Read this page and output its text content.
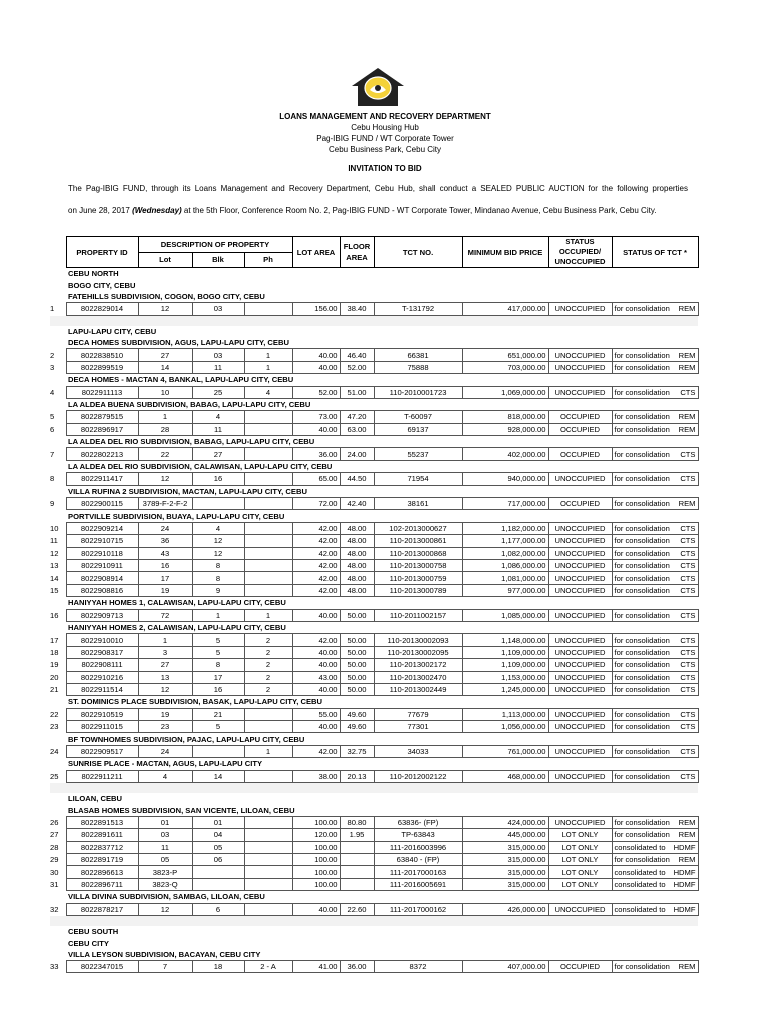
LOANS MANAGEMENT AND RECOVERY DEPARTMENT
Cebu Housing Hub
Pag-IBIG FUND / WT Corporate Tower
Cebu Business Park, Cebu City
INVITATION TO BID
The Pag-IBIG FUND, through its Loans Management and Recovery Department, Cebu Hub, shall conduct a SEALED PUBLIC AUCTION for the following properties
on June 28, 2017 (Wednesday) at the 5th Floor, Conference Room No. 2, Pag-IBIG FUND - WT Corporate Tower, Mindanao Avenue, Cebu Business Park, Cebu City.
	PROPERTY ID	DESCRIPTION OF PROPERTY			LOT AREA	FLOOR AREA	TCT NO.	MINIMUM BID PRICE	STATUS OCCUPIED/ UNOCCUPIED	STATUS OF TCT *
		Lot	Blk	Ph						
	CEBU NORTH									
	BOGO CITY, CEBU									
	FATEHILLS SUBDIVISION, COGON, BOGO CITY, CEBU									
1	8022829014	12	03		156.00	38.40	T-131792	417,000.00	UNOCCUPIED	for consolidation REM

	LAPU-LAPU CITY, CEBU									
	DECA HOMES SUBDIVISION, AGUS, LAPU-LAPU CITY, CEBU									
2	8022838510	27	03	1	40.00	46.40	66381	651,000.00	UNOCCUPIED	for consolidation REM

3	8022899519	14	11	1	40.00	52.00	75888	703,000.00	UNOCCUPIED	for consolidation REM

	DECA HOMES - MACTAN 4, BANKAL, LAPU-LAPU CITY, CEBU									
4	8022911113	10	25	4	52.00	51.00	110-2010001723	1,069,000.00	UNOCCUPIED	for consolidation CTS

	LA ALDEA BUENA SUBDIVISION, BABAG, LAPU-LAPU CITY, CEBU									
5	8022879515	1	4		73.00	47.20	T-60097	818,000.00	OCCUPIED	for consolidation REM

6	8022896917	28	11		40.00	63.00	69137	928,000.00	OCCUPIED	for consolidation REM

	LA ALDEA DEL RIO SUBDIVISION, BABAG, LAPU-LAPU CITY, CEBU									
7	8022802213	22	27		36.00	24.00	55237	402,000.00	OCCUPIED	for consolidation CTS

	LA ALDEA DEL RIO SUBDIVISION, CALAWISAN, LAPU-LAPU CITY, CEBU									
8	8022911417	12	16		65.00	44.50	71954	940,000.00	UNOCCUPIED	for consolidation CTS

	VILLA RUFINA 2 SUBDIVISION, MACTAN, LAPU-LAPU CITY, CEBU									
9	8022900115	3789-F-2-F-2			72.00	42.40	38161	717,000.00	OCCUPIED	for consolidation REM

	PORTVILLE SUBDIVISION, BUAYA, LAPU-LAPU CITY, CEBU									
10	8022909214	24	4		42.00	48.00	102-2013000627	1,182,000.00	UNOCCUPIED	for consolidation CTS

11	8022910715	36	12		42.00	48.00	110-2013000861	1,177,000.00	UNOCCUPIED	for consolidation CTS

12	8022910118	43	12		42.00	48.00	110-2013000868	1,082,000.00	UNOCCUPIED	for consolidation CTS

13	8022910911	16	8		42.00	48.00	110-2013000758	1,086,000.00	UNOCCUPIED	for consolidation CTS

14	8022908914	17	8		42.00	48.00	110-2013000759	1,081,000.00	UNOCCUPIED	for consolidation CTS

15	8022908816	19	9		42.00	48.00	110-2013000789	977,000.00	UNOCCUPIED	for consolidation CTS

	HANIYYAH HOMES 1, CALAWISAN, LAPU-LAPU CITY, CEBU									
16	8022909713	72	1	1	40.00	50.00	110-2011002157	1,085,000.00	UNOCCUPIED	for consolidation CTS

	HANIYYAH HOMES 2, CALAWISAN, LAPU-LAPU CITY, CEBU									
17	8022910010	1	5	2	42.00	50.00	110-20130002093	1,148,000.00	UNOCCUPIED	for consolidation CTS

18	8022908317	3	5	2	40.00	50.00	110-20130002095	1,109,000.00	UNOCCUPIED	for consolidation CTS

19	8022908111	27	8	2	40.00	50.00	110-2013002172	1,109,000.00	UNOCCUPIED	for consolidation CTS

20	8022910216	13	17	2	43.00	50.00	110-2013002470	1,153,000.00	UNOCCUPIED	for consolidation CTS

21	8022911514	12	16	2	40.00	50.00	110-2013002449	1,245,000.00	UNOCCUPIED	for consolidation CTS

	ST. DOMINICS PLACE SUBDIVISION, BASAK, LAPU-LAPU CITY, CEBU									
22	8022910519	19	21		55.00	49.60	77679	1,113,000.00	UNOCCUPIED	for consolidation CTS

23	8022911015	23	5		40.00	49.60	77301	1,056,000.00	UNOCCUPIED	for consolidation CTS

	BF TOWNHOMES SUBDIVISION, PAJAC, LAPU-LAPU CITY, CEBU									
24	8022909517	24		1	42.00	32.75	34033	761,000.00	UNOCCUPIED	for consolidation CTS

	SUNRISE PLACE - MACTAN, AGUS, LAPU-LAPU CITY									
25	8022911211	4	14		38.00	20.13	110-2012002122	468,000.00	UNOCCUPIED	for consolidation CTS

	LILOAN, CEBU									
	BLASAB HOMES SUBDIVISION, SAN VICENTE, LILOAN, CEBU									
26	8022891513	01	01		100.00	80.80	63836- (FP)	424,000.00	UNOCCUPIED	for consolidation REM

27	8022891611	03	04		120.00	1.95	TP-63843	445,000.00	LOT ONLY	for consolidation REM

28	8022837712	11	05		100.00		111-2016003996	315,000.00	LOT ONLY	consolidated to HDMF

29	8022891719	05	06		100.00		63840 - (FP)	315,000.00	LOT ONLY	for consolidation REM

30	8022896613	3823-P			100.00		111-2017000163	315,000.00	LOT ONLY	consolidated to HDMF

31	8022896711	3823-Q			100.00		111-2016005691	315,000.00	LOT ONLY	consolidated to HDMF

	VILLA DIVINA SUBDIVISION, SAMBAG, LILOAN, CEBU									
32	8022878217	12	6		40.00	22.60	111-2017000162	426,000.00	UNOCCUPIED	consolidated to HDMF

	CEBU SOUTH									
	CEBU CITY									
	VILLA LEYSON SUBDIVISION, BACAYAN, CEBU CITY									
33	8022347015	7	18	2 - A	41.00	36.00	8372	407,000.00	OCCUPIED	for consolidation REM
